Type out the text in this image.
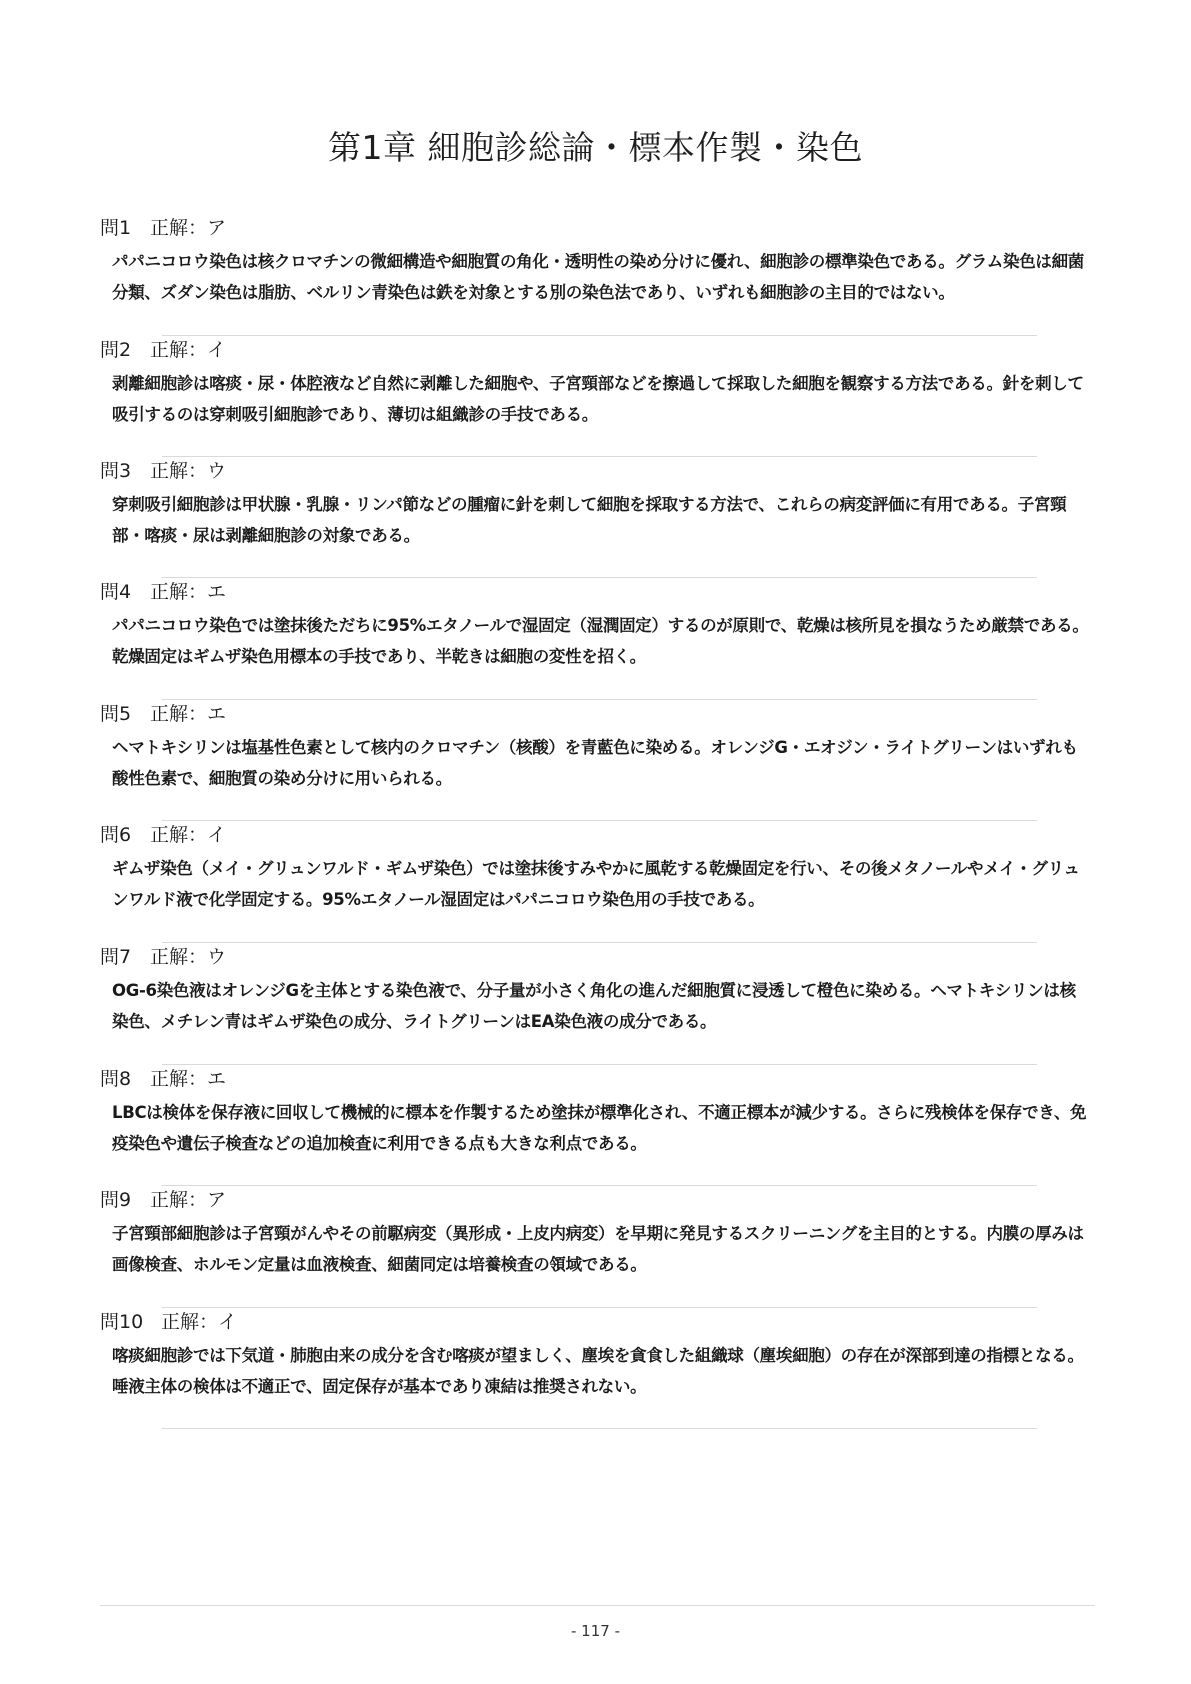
第1章 細胞診総論・標本作製・染色
問1 正解：ア

パパニコロウ染色は核クロマチンの微細構造や細胞質の角化・透明性の染め分けに優れ、細胞診の標準染色である。グラム染色は細菌分類、ズダン染色は脂肪、ベルリン青染色は鉄を対象とする別の染色法であり、いずれも細胞診の主目的ではない。

問2 正解：イ

剥離細胞診は喀痰・尿・体腔液など自然に剥離した細胞や、子宮頸部などを擦過して採取した細胞を観察する方法である。針を刺して吸引するのは穿刺吸引細胞診であり、薄切は組織診の手技である。

問3 正解：ウ

穿刺吸引細胞診は甲状腺・乳腺・リンパ節などの腫瘤に針を刺して細胞を採取する方法で、これらの病変評価に有用である。子宮頸部・喀痰・尿は剥離細胞診の対象である。

問4 正解：エ

パパニコロウ染色では塗抹後ただちに95%エタノールで湿固定（湿潤固定）するのが原則で、乾燥は核所見を損なうため厳禁である。乾燥固定はギムザ染色用標本の手技であり、半乾きは細胞の変性を招く。

問5 正解：エ

ヘマトキシリンは塩基性色素として核内のクロマチン（核酸）を青藍色に染める。オレンジG・エオジン・ライトグリーンはいずれも酸性色素で、細胞質の染め分けに用いられる。

問6 正解：イ

ギムザ染色（メイ・グリュンワルド・ギムザ染色）では塗抹後すみやかに風乾する乾燥固定を行い、その後メタノールやメイ・グリュンワルド液で化学固定する。95%エタノール湿固定はパパニコロウ染色用の手技である。

問7 正解：ウ

OG-6染色液はオレンジGを主体とする染色液で、分子量が小さく角化の進んだ細胞質に浸透して橙色に染める。ヘマトキシリンは核染色、メチレン青はギムザ染色の成分、ライトグリーンはEA染色液の成分である。

問8 正解：エ

LBCは検体を保存液に回収して機械的に標本を作製するため塗抹が標準化され、不適正標本が減少する。さらに残検体を保存でき、免疫染色や遺伝子検査などの追加検査に利用できる点も大きな利点である。

問9 正解：ア

子宮頸部細胞診は子宮頸がんやその前駆病変（異形成・上皮内病変）を早期に発見するスクリーニングを主目的とする。内膜の厚みは画像検査、ホルモン定量は血液検査、細菌同定は培養検査の領域である。

問10 正解：イ

喀痰細胞診では下気道・肺胞由来の成分を含む喀痰が望ましく、塵埃を貪食した組織球（塵埃細胞）の存在が深部到達の指標となる。唾液主体の検体は不適正で、固定保存が基本であり凍結は推奨されない。

- 117 -
